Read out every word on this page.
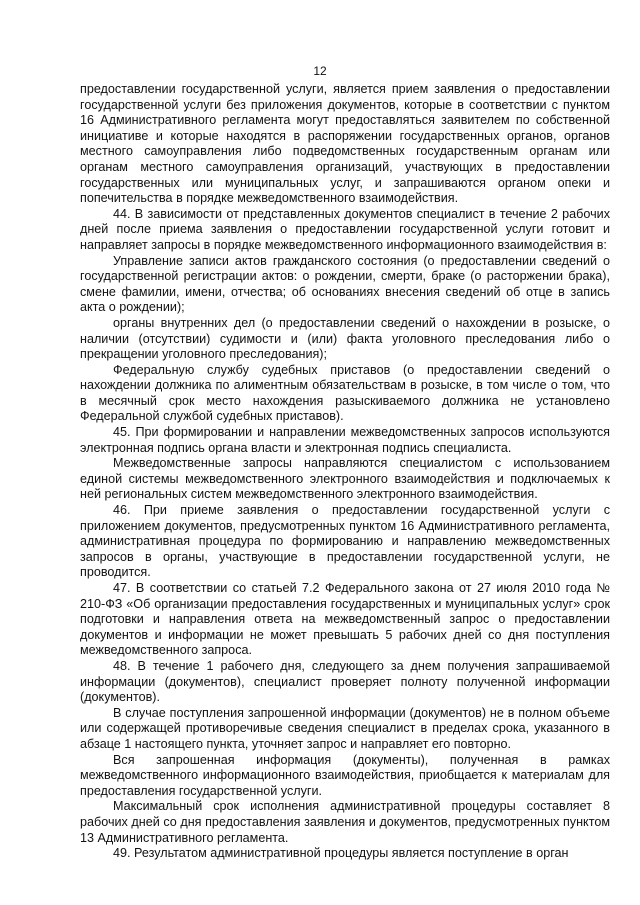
12

предоставлении государственной услуги, является прием заявления о предоставлении государственной услуги без приложения документов, которые в соответствии с пунктом 16 Административного регламента могут предоставляться заявителем по собственной инициативе и которые находятся в распоряжении государственных органов, органов местного самоуправления либо подведомственных государственным органам или органам местного самоуправления организаций, участвующих в предоставлении государственных или муниципальных услуг, и запрашиваются органом опеки и попечительства в порядке межведомственного взаимодействия.

44. В зависимости от представленных документов специалист в течение 2 рабочих дней после приема заявления о предоставлении государственной услуги готовит и направляет запросы в порядке межведомственного информационного взаимодействия в:

Управление записи актов гражданского состояния (о предоставлении сведений о государственной регистрации актов: о рождении, смерти, браке (о расторжении брака), смене фамилии, имени, отчества; об основаниях внесения сведений об отце в запись акта о рождении);

органы внутренних дел (о предоставлении сведений о нахождении в розыске, о наличии (отсутствии) судимости и (или) факта уголовного преследования либо о прекращении уголовного преследования);

Федеральную службу судебных приставов (о предоставлении сведений о нахождении должника по алиментным обязательствам в розыске, в том числе о том, что в месячный срок место нахождения разыскиваемого должника не установлено Федеральной службой судебных приставов).

45. При формировании и направлении межведомственных запросов используются электронная подпись органа власти и электронная подпись специалиста.

Межведомственные запросы направляются специалистом с использованием единой системы межведомственного электронного взаимодействия и подключаемых к ней региональных систем межведомственного электронного взаимодействия.

46. При приеме заявления о предоставлении государственной услуги с приложением документов, предусмотренных пунктом 16 Административного регламента, административная процедура по формированию и направлению межведомственных запросов в органы, участвующие в предоставлении государственной услуги, не проводится.

47. В соответствии со статьей 7.2 Федерального закона от 27 июля 2010 года № 210-ФЗ «Об организации предоставления государственных и муниципальных услуг» срок подготовки и направления ответа на межведомственный запрос о предоставлении документов и информации не может превышать 5 рабочих дней со дня поступления межведомственного запроса.

48. В течение 1 рабочего дня, следующего за днем получения запрашиваемой информации (документов), специалист проверяет полноту полученной информации (документов).

В случае поступления запрошенной информации (документов) не в полном объеме или содержащей противоречивые сведения специалист в пределах срока, указанного в абзаце 1 настоящего пункта, уточняет запрос и направляет его повторно.

Вся запрошенная информация (документы), полученная в рамках межведомственного информационного взаимодействия, приобщается к материалам для предоставления государственной услуги.

Максимальный срок исполнения административной процедуры составляет 8 рабочих дней со дня предоставления заявления и документов, предусмотренных пунктом 13 Административного регламента.

49. Результатом административной процедуры является поступление в орган
